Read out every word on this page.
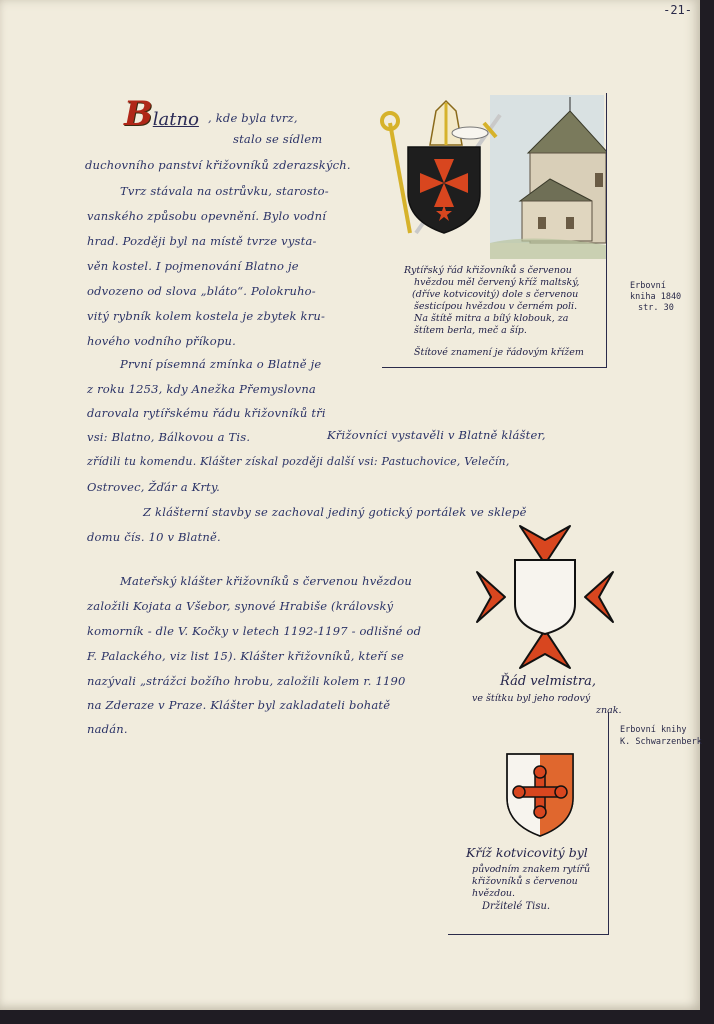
-21-
Blatno , kde byla tvrz,
stalo se sídlem
duchovního panství křižovníků zderazských.
Tvrz stávala na ostrůvku, starosto-
vanského způsobu opevnění. Bylo vodní
hrad. Později byl na místě tvrze vysta-
věn kostel. I pojmenování Blatno je
odvozeno od slova „bláto“. Polokruho-
vitý rybník kolem kostela je zbytek kru-
hového vodního příkopu.
První písemná zmínka o Blatně je
z roku 1253, kdy Anežka Přemyslovna
darovala rytířskému řádu křižovníků tři
vsi: Blatno, Bálkovou a Tis.	Křižovníci vystavěli v Blatně klášter,
zřídili tu komendu. Klášter získal později další vsi: Pastuchovice, Velečín,
Ostrovec, Žďár a Krty.
Z klášterní stavby se zachoval jediný gotický portálek ve sklepě
domu čís. 10 v Blatně.
Mateřský klášter křižovníků s červenou hvězdou
založili Kojata a Všebor, synové Hrabiše (královský
komorník - dle V. Kočky v letech 1192-1197 - odlišné od
F. Palackého, viz list 15). Klášter křižovníků, kteří se
nazývali „strážci božího hrobu, založili kolem r. 1190
na Zderaze v Praze. Klášter byl zakladateli bohatě
nadán.
Rytířský řád křižovníků s červenou
hvězdou měl červený kříž maltský,
(dříve kotvicovitý) dole s červenou
šesticípou hvězdou v černém poli.
Na štítě mitra a bílý klobouk, za
štítem berla, meč a šíp.
Štítové znamení je řádovým křížem
Erbovní
kniha 1840
str. 30
Řád velmistra,
ve štítku byl jeho rodový
znak.
Erbovní knihy
K. Schwarzenberk
Kříž kotvicovitý byl
původním znakem rytířů
křižovníků s červenou
hvězdou.
Držitelé Tisu.
